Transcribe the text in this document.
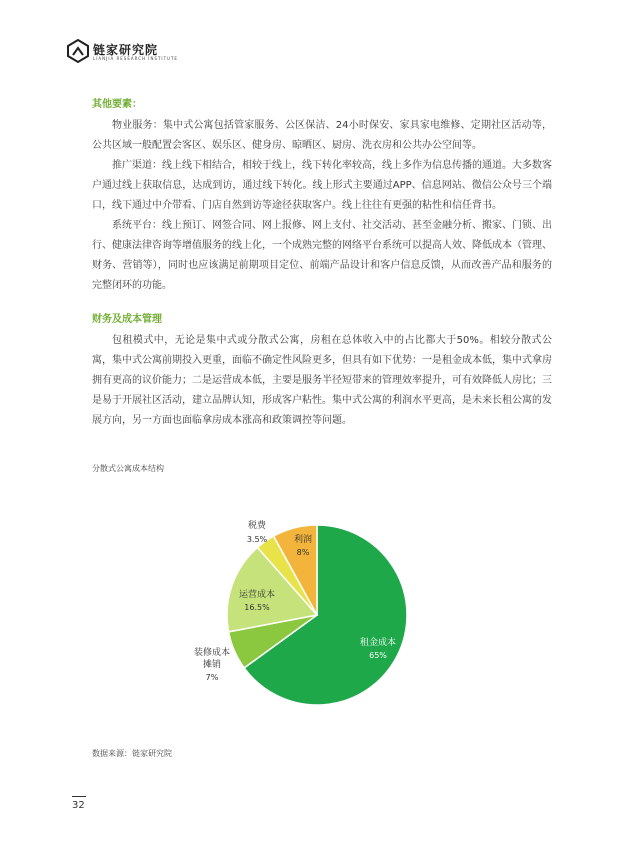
链家研究院
LIANJIA RESEARCH INSTITUTE
其他要素：

物业服务：集中式公寓包括管家服务、公区保洁、24小时保安、家具家电维修、定期社区活动等，公共区域一般配置会客区、娱乐区、健身房、晾晒区、厨房、洗衣房和公共办公空间等。

推广渠道：线上线下相结合，相较于线上，线下转化率较高，线上多作为信息传播的通道。大多数客户通过线上获取信息，达成到访，通过线下转化。线上形式主要通过APP、信息网站、微信公众号三个端口，线下通过中介带看、门店自然到访等途径获取客户。线上往往有更强的粘性和信任背书。

系统平台：线上预订、网签合同、网上报修、网上支付、社交活动、甚至金融分析、搬家、门锁、出行、健康法律咨询等增值服务的线上化，一个成熟完整的网络平台系统可以提高人效、降低成本（管理、财务、营销等），同时也应该满足前期项目定位、前端产品设计和客户信息反馈，从而改善产品和服务的完整闭环的功能。

财务及成本管理

包租模式中，无论是集中式或分散式公寓，房租在总体收入中的占比都大于50%。相较分散式公寓，集中式公寓前期投入更重，面临不确定性风险更多，但具有如下优势：一是租金成本低，集中式拿房拥有更高的议价能力；二是运营成本低，主要是服务半径短带来的管理效率提升，可有效降低人房比；三是易于开展社区活动，建立品牌认知，形成客户粘性。集中式公寓的利润水平更高，是未来长租公寓的发展方向，另一方面也面临拿房成本涨高和政策调控等问题。

分散式公寓成本结构
租金成本
65%
装修成本
摊销
7%
运营成本
16.5%
税费
3.5%	利润
8%
数据来源：链家研究院
32
